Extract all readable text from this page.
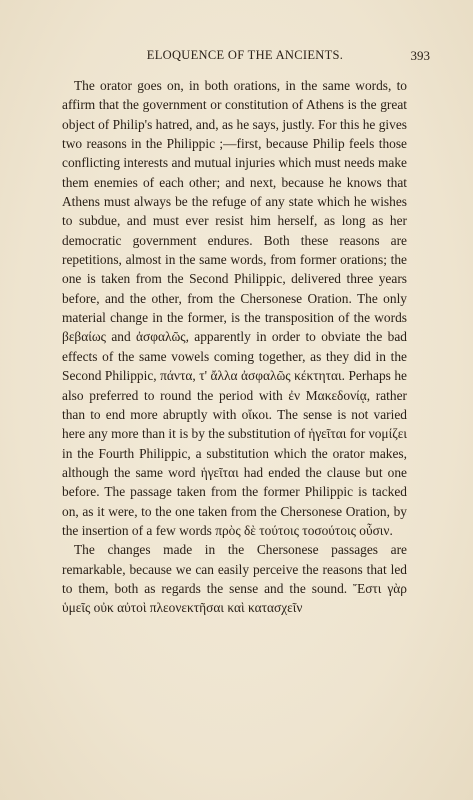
ELOQUENCE OF THE ANCIENTS.	393

The orator goes on, in both orations, in the same words, to affirm that the government or constitution of Athens is the great object of Philip's hatred, and, as he says, justly. For this he gives two reasons in the Philippic ;—first, because Philip feels those conflicting interests and mutual injuries which must needs make them enemies of each other; and next, because he knows that Athens must always be the refuge of any state which he wishes to subdue, and must ever resist him herself, as long as her democratic government endures. Both these reasons are repetitions, almost in the same words, from former orations; the one is taken from the Second Philippic, delivered three years before, and the other, from the Chersonese Oration. The only material change in the former, is the transposition of the words βεβαίως and ἀσφαλῶς, apparently in order to obviate the bad effects of the same vowels coming together, as they did in the Second Philippic, πάντα, τ' ἄλλα ἀσφαλῶς κέκτηται. Perhaps he also preferred to round the period with ἐν Μακεδονίᾳ, rather than to end more abruptly with οἴκοι. The sense is not varied here any more than it is by the substitution of ἡγεῖται for νομίζει in the Fourth Philippic, a substitution which the orator makes, although the same word ἡγεῖται had ended the clause but one before. The passage taken from the former Philippic is tacked on, as it were, to the one taken from the Chersonese Oration, by the insertion of a few words πρὸς δὲ τούτοις τοσούτοις οὖσιν.

The changes made in the Chersonese passages are remarkable, because we can easily perceive the reasons that led to them, both as regards the sense and the sound. Ἔστι γὰρ ὑμεῖς οὐκ αὐτοὶ πλεονεκτῆσαι καὶ κατασχεῖν
